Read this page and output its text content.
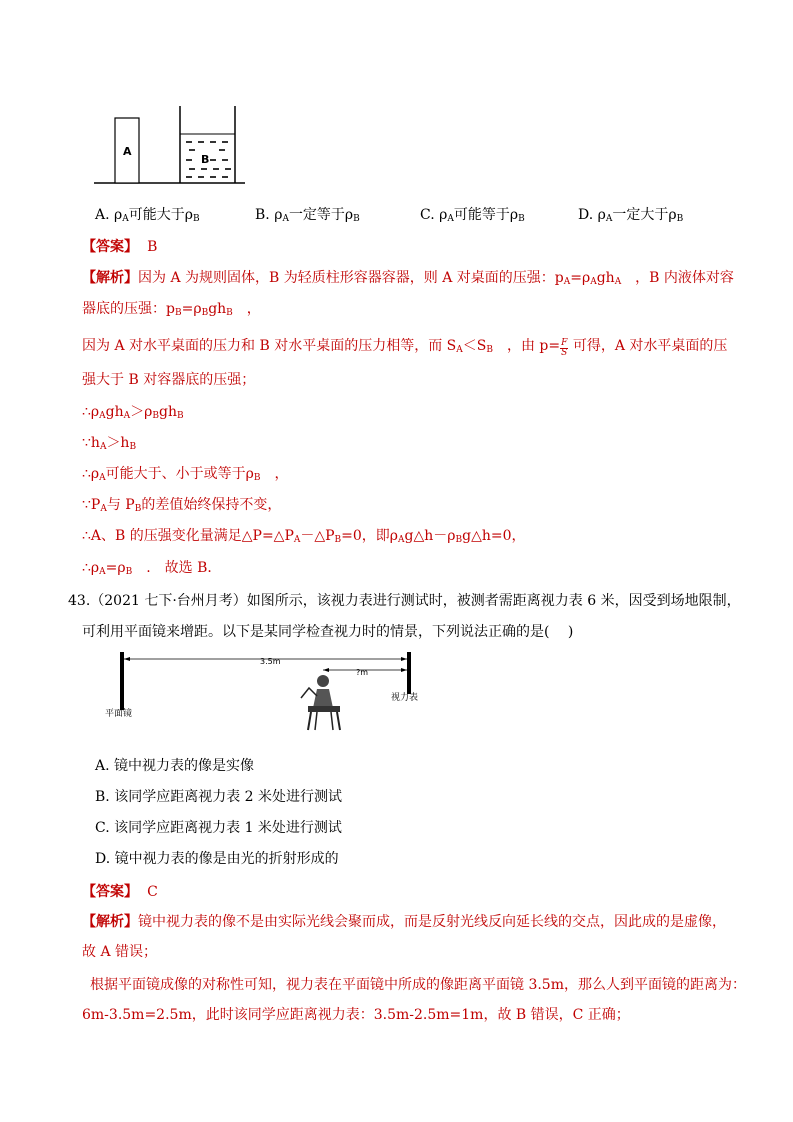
A
B
A. $\rho_A$可能大于$\rho_B$	B. $\rho_A$一定等于$\rho_B$	C. $\rho_A$可能等于$\rho_B$	D. $\rho_A$一定大于$\rho_B$
【答案】 B
【解析】因为 A 为规则固体，B 为轻质柱形容器容器，则 A 对桌面的压强：$p_A=\rho_Agh_A$　，B 内液体对容
器底的压强：$p_B=\rho_Bgh_B$　，
因为 A 对水平桌面的压力和 B 对水平桌面的压力相等，而 $S_A<S_B$　，由 $p= \frac{F}{S}$ 可得，A 对水平桌面的压
强大于 B 对容器底的压强；
$\therefore\rho_Agh_A>\rho_Bgh_B$
$\because h_A>h_B$
$\therefore\rho_A$可能大于、小于或等于$\rho_B$　，
$\because P_A$与 $P_B$的差值始终保持不变，
∴A、B 的压强变化量满足$\triangle P=\triangle P_A-\triangle P_B=0$，即$\rho_Ag\triangle h-\rho_Bg\triangle h=0$，
$\therefore\rho_A=\rho_B$　.　故选 B．
43.（2021 七下·台州月考）如图所示，该视力表进行测试时，被测者需距离视力表 6 米，因受到场地限制，
可利用平面镜来增距。以下是某同学检查视力时的情景，下列说法正确的是(　 )
3.5m
?m
平面镜
视力表
A. 镜中视力表的像是实像
B. 该同学应距离视力表 2 米处进行测试
C. 该同学应距离视力表 1 米处进行测试
D. 镜中视力表的像是由光的折射形成的
【答案】 C
【解析】镜中视力表的像不是由实际光线会聚而成，而是反射光线反向延长线的交点，因此成的是虚像，
故 A 错误；
根据平面镜成像的对称性可知，视力表在平面镜中所成的像距离平面镜 3.5m，那么人到平面镜的距离为：
6m-3.5m=2.5m，此时该同学应距离视力表：3.5m-2.5m=1m，故 B 错误，C 正确；
